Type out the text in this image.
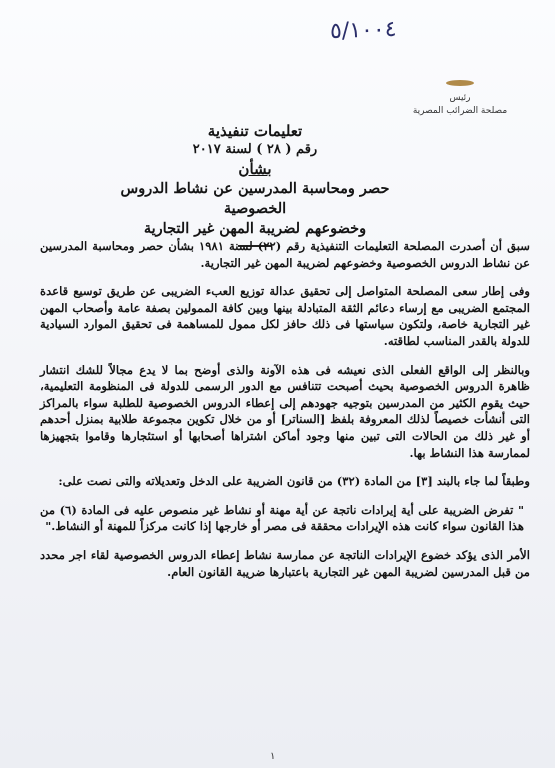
٥/١٠٠٤
رئيس
مصلحة الضرائب المصرية
تعليمات تنفيذية
رقم ( ٢٨ ) لسنة ٢٠١٧
بشأن
حصر ومحاسبة المدرسين عن نشاط الدروس الخصوصية
وخضوعهم لضريبة المهن غير التجارية

سبق أن أصدرت المصلحة التعليمات التنفيذية رقم (٢٢) لسنة ١٩٨١ بشأن حصر ومحاسبة المدرسين عن نشاط الدروس الخصوصية وخضوعهم لضريبة المهن غير التجارية.

وفى إطار سعى المصلحة المتواصل إلى تحقيق عدالة توزيع العبء الضريبى عن طريق توسيع قاعدة المجتمع الضريبى مع إرساء دعائم الثقة المتبادلة بينها وبين كافة الممولين بصفة عامة وأصحاب المهن غير التجارية خاصة، ولتكون سياستها فى ذلك حافز لكل ممول للمساهمة فى تحقيق الموارد السيادية للدولة بالقدر المناسب لطاقته.

وبالنظر إلى الواقع الفعلى الذى نعيشه فى هذه الآونة والذى أوضح بما لا يدع مجالاً للشك انتشار ظاهرة الدروس الخصوصية بحيث أصبحت تتنافس مع الدور الرسمى للدولة فى المنظومة التعليمية، حيث يقوم الكثير من المدرسين بتوجيه جهودهم إلى إعطاء الدروس الخصوصية للطلبة سواء بالمراكز التى أنشأت خصيصاً لذلك المعروفة بلفظ [السناتر] أو من خلال تكوين مجموعة طلابية بمنزل أحدهم أو غير ذلك من الحالات التى تبين منها وجود أماكن اشتراها أصحابها أو استئجارها وقاموا بتجهيزها لممارسة هذا النشاط بها.

وطبقاً لما جاء بالبند [٣] من المادة (٣٢) من قانون الضريبة على الدخل وتعديلاته والتى نصت على:

" تفرض الضريبة على أية إيرادات ناتجة عن أية مهنة أو نشاط غير منصوص عليه فى المادة (٦) من هذا القانون سواء كانت هذه الإيرادات محققة فى مصر أو خارجها إذا كانت مركزاً للمهنة أو النشاط."

الأمر الذى يؤكد خضوع الإيرادات الناتجة عن ممارسة نشاط إعطاء الدروس الخصوصية لقاء اجر محدد من قبل المدرسين لضريبة المهن غير التجارية باعتبارها ضريبة القانون العام.

١
